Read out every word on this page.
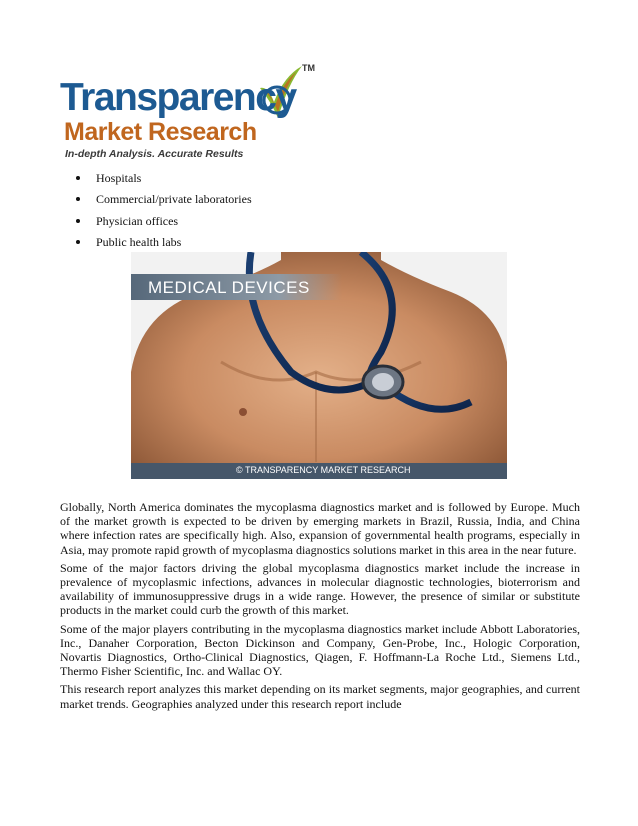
Transparency
TM
Market Research
In-depth Analysis. Accurate Results
Hospitals
Commercial/private laboratories
Physician offices
Public health labs
MEDICAL DEVICES
© TRANSPARENCY MARKET RESEARCH

Globally, North America dominates the mycoplasma diagnostics market and is followed by Europe. Much of the market growth is expected to be driven by emerging markets in Brazil, Russia, India, and China where infection rates are specifically high. Also, expansion of governmental health programs, especially in Asia, may promote rapid growth of mycoplasma diagnostics solutions market in this area in the near future.

Some of the major factors driving the global mycoplasma diagnostics market include the increase in prevalence of mycoplasmic infections, advances in molecular diagnostic technologies, bioterrorism and availability of immunosuppressive drugs in a wide range. However, the presence of similar or substitute products in the market could curb the growth of this market.

Some of the major players contributing in the mycoplasma diagnostics market include Abbott Laboratories, Inc., Danaher Corporation, Becton Dickinson and Company, Gen-Probe, Inc., Hologic Corporation, Novartis Diagnostics, Ortho-Clinical Diagnostics, Qiagen, F. Hoffmann-La Roche Ltd., Siemens Ltd., Thermo Fisher Scientific, Inc. and Wallac OY.

This research report analyzes this market depending on its market segments, major geographies, and current market trends. Geographies analyzed under this research report include
